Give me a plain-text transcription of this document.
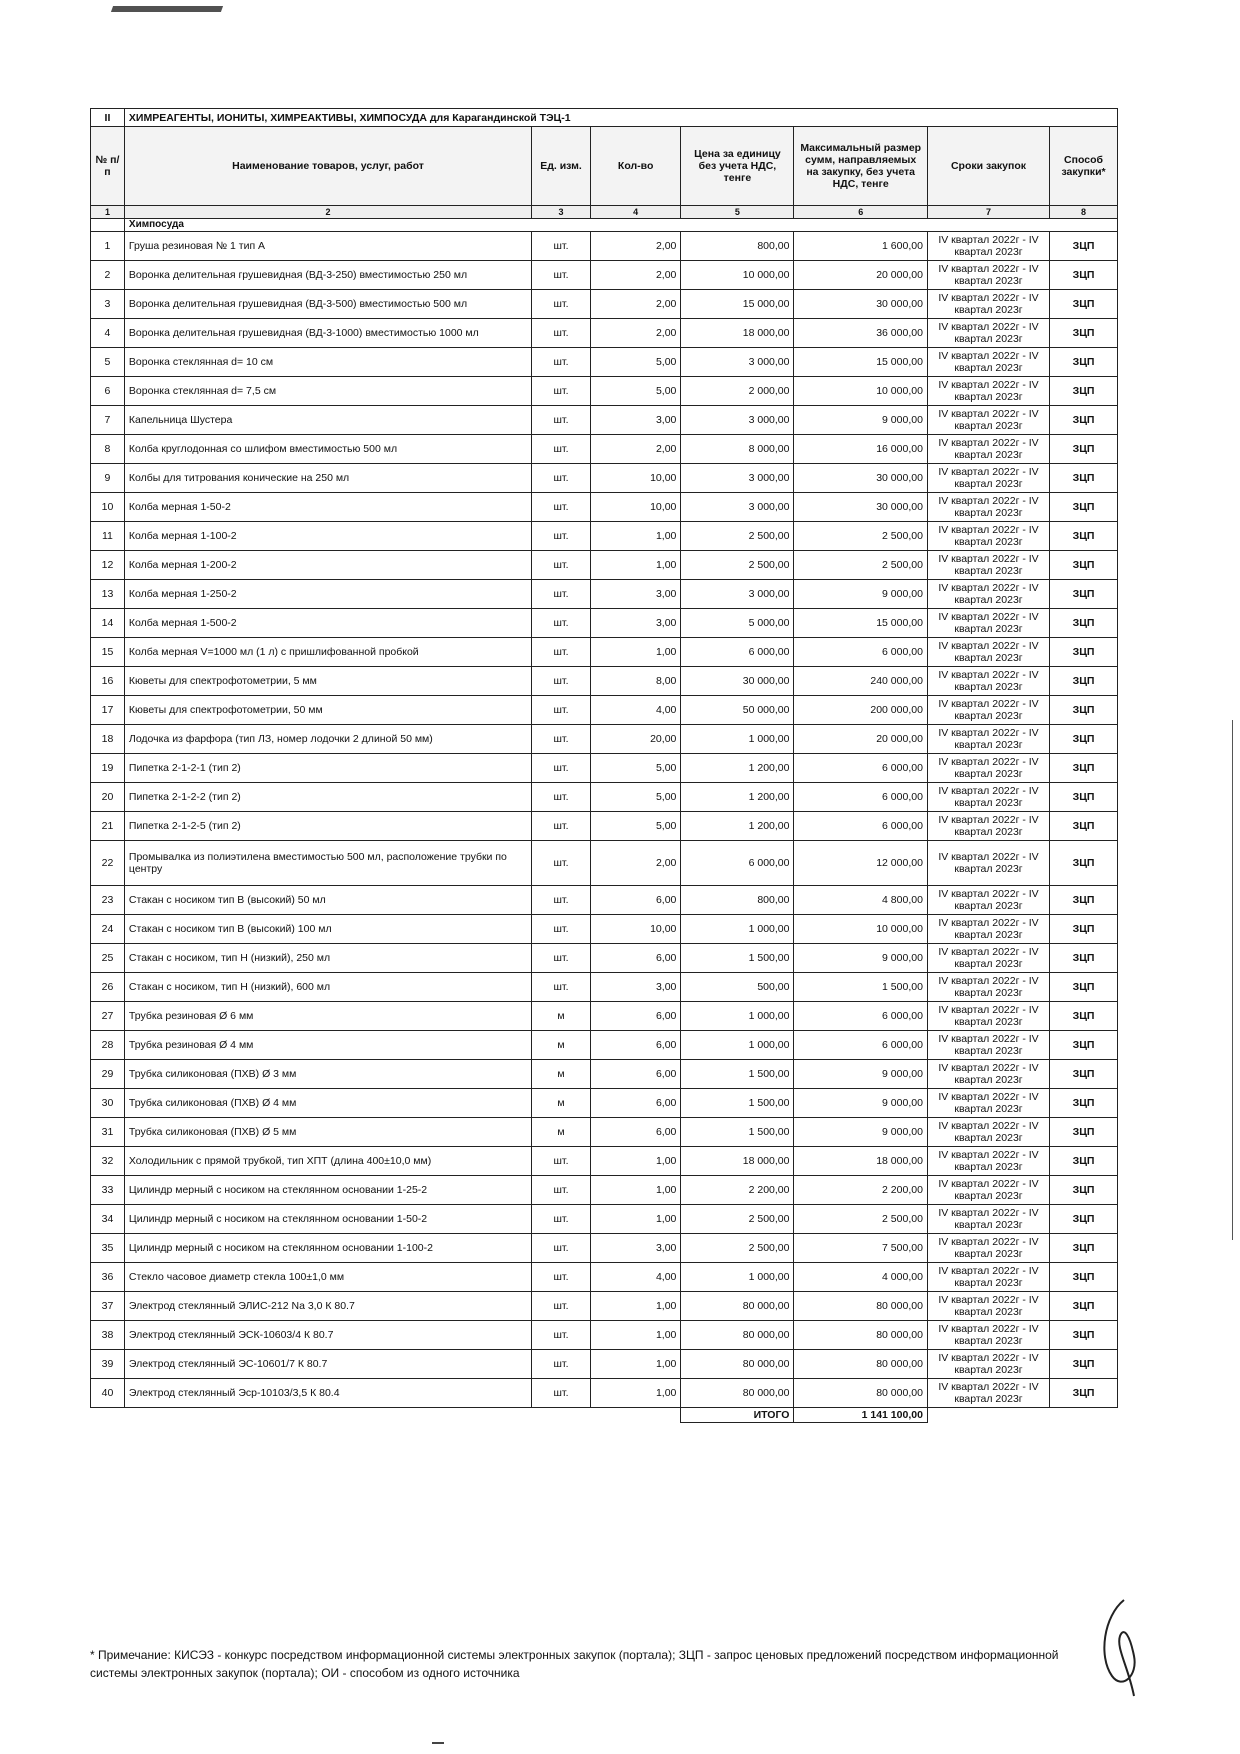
II	ХИМРЕАГЕНТЫ, ИОНИТЫ, ХИМРЕАКТИВЫ, ХИМПОСУДА для Карагандинской ТЭЦ-1						
№ п/п	Наименование товаров, услуг, работ	Ед. изм.	Кол-во	Цена за единицу без учета НДС, тенге	Максимальный размер сумм, направляемых на закупку, без учета НДС, тенге	Сроки закупок	Способ закупки*
1	2	3	4	5	6	7	8
	Химпосуда						
1	Груша резиновая № 1 тип А	шт.	2,00	800,00	1 600,00	IV квартал 2022г - IV квартал 2023г	ЗЦП
2	Воронка делительная грушевидная (ВД-3-250) вместимостью 250 мл	шт.	2,00	10 000,00	20 000,00	IV квартал 2022г - IV квартал 2023г	ЗЦП
3	Воронка делительная грушевидная (ВД-3-500) вместимостью 500 мл	шт.	2,00	15 000,00	30 000,00	IV квартал 2022г - IV квартал 2023г	ЗЦП
4	Воронка делительная грушевидная (ВД-3-1000) вместимостью 1000 мл	шт.	2,00	18 000,00	36 000,00	IV квартал 2022г - IV квартал 2023г	ЗЦП
5	Воронка стеклянная d= 10 см	шт.	5,00	3 000,00	15 000,00	IV квартал 2022г - IV квартал 2023г	ЗЦП
6	Воронка стеклянная d= 7,5 см	шт.	5,00	2 000,00	10 000,00	IV квартал 2022г - IV квартал 2023г	ЗЦП
7	Капельница Шустера	шт.	3,00	3 000,00	9 000,00	IV квартал 2022г - IV квартал 2023г	ЗЦП
8	Колба круглодонная со шлифом вместимостью 500 мл	шт.	2,00	8 000,00	16 000,00	IV квартал 2022г - IV квартал 2023г	ЗЦП
9	Колбы для титрования конические на 250 мл	шт.	10,00	3 000,00	30 000,00	IV квартал 2022г - IV квартал 2023г	ЗЦП
10	Колба мерная 1-50-2	шт.	10,00	3 000,00	30 000,00	IV квартал 2022г - IV квартал 2023г	ЗЦП
11	Колба мерная 1-100-2	шт.	1,00	2 500,00	2 500,00	IV квартал 2022г - IV квартал 2023г	ЗЦП
12	Колба мерная 1-200-2	шт.	1,00	2 500,00	2 500,00	IV квартал 2022г - IV квартал 2023г	ЗЦП
13	Колба мерная 1-250-2	шт.	3,00	3 000,00	9 000,00	IV квартал 2022г - IV квартал 2023г	ЗЦП
14	Колба мерная 1-500-2	шт.	3,00	5 000,00	15 000,00	IV квартал 2022г - IV квартал 2023г	ЗЦП
15	Колба мерная V=1000 мл (1 л) с пришлифованной пробкой	шт.	1,00	6 000,00	6 000,00	IV квартал 2022г - IV квартал 2023г	ЗЦП
16	Кюветы для спектрофотометрии, 5 мм	шт.	8,00	30 000,00	240 000,00	IV квартал 2022г - IV квартал 2023г	ЗЦП
17	Кюветы для спектрофотометрии, 50 мм	шт.	4,00	50 000,00	200 000,00	IV квартал 2022г - IV квартал 2023г	ЗЦП
18	Лодочка из фарфора (тип ЛЗ, номер лодочки 2 длиной 50 мм)	шт.	20,00	1 000,00	20 000,00	IV квартал 2022г - IV квартал 2023г	ЗЦП
19	Пипетка 2-1-2-1 (тип 2)	шт.	5,00	1 200,00	6 000,00	IV квартал 2022г - IV квартал 2023г	ЗЦП
20	Пипетка 2-1-2-2 (тип 2)	шт.	5,00	1 200,00	6 000,00	IV квартал 2022г - IV квартал 2023г	ЗЦП
21	Пипетка 2-1-2-5 (тип 2)	шт.	5,00	1 200,00	6 000,00	IV квартал 2022г - IV квартал 2023г	ЗЦП
22	Промывалка из полиэтилена вместимостью 500 мл, расположение трубки по центру	шт.	2,00	6 000,00	12 000,00	IV квартал 2022г - IV квартал 2023г	ЗЦП
23	Стакан с носиком тип В (высокий) 50 мл	шт.	6,00	800,00	4 800,00	IV квартал 2022г - IV квартал 2023г	ЗЦП
24	Стакан с носиком тип В (высокий) 100 мл	шт.	10,00	1 000,00	10 000,00	IV квартал 2022г - IV квартал 2023г	ЗЦП
25	Стакан с носиком, тип Н (низкий), 250 мл	шт.	6,00	1 500,00	9 000,00	IV квартал 2022г - IV квартал 2023г	ЗЦП
26	Стакан с носиком, тип Н (низкий), 600 мл	шт.	3,00	500,00	1 500,00	IV квартал 2022г - IV квартал 2023г	ЗЦП
27	Трубка резиновая Ø 6 мм	м	6,00	1 000,00	6 000,00	IV квартал 2022г - IV квартал 2023г	ЗЦП
28	Трубка резиновая Ø 4 мм	м	6,00	1 000,00	6 000,00	IV квартал 2022г - IV квартал 2023г	ЗЦП
29	Трубка силиконовая (ПХВ) Ø 3 мм	м	6,00	1 500,00	9 000,00	IV квартал 2022г - IV квартал 2023г	ЗЦП
30	Трубка силиконовая (ПХВ) Ø 4 мм	м	6,00	1 500,00	9 000,00	IV квартал 2022г - IV квартал 2023г	ЗЦП
31	Трубка силиконовая (ПХВ) Ø 5 мм	м	6,00	1 500,00	9 000,00	IV квартал 2022г - IV квартал 2023г	ЗЦП
32	Холодильник с прямой трубкой, тип ХПТ (длина 400±10,0 мм)	шт.	1,00	18 000,00	18 000,00	IV квартал 2022г - IV квартал 2023г	ЗЦП
33	Цилиндр мерный с носиком на стеклянном основании 1-25-2	шт.	1,00	2 200,00	2 200,00	IV квартал 2022г - IV квартал 2023г	ЗЦП
34	Цилиндр мерный с носиком на стеклянном основании 1-50-2	шт.	1,00	2 500,00	2 500,00	IV квартал 2022г - IV квартал 2023г	ЗЦП
35	Цилиндр мерный с носиком на стеклянном основании 1-100-2	шт.	3,00	2 500,00	7 500,00	IV квартал 2022г - IV квартал 2023г	ЗЦП
36	Стекло часовое диаметр стекла 100±1,0 мм	шт.	4,00	1 000,00	4 000,00	IV квартал 2022г - IV квартал 2023г	ЗЦП
37	Электрод стеклянный ЭЛИС-212 Na 3,0 К 80.7	шт.	1,00	80 000,00	80 000,00	IV квартал 2022г - IV квартал 2023г	ЗЦП
38	Электрод стеклянный ЭСК-10603/4 К 80.7	шт.	1,00	80 000,00	80 000,00	IV квартал 2022г - IV квартал 2023г	ЗЦП
39	Электрод стеклянный ЭС-10601/7 К 80.7	шт.	1,00	80 000,00	80 000,00	IV квартал 2022г - IV квартал 2023г	ЗЦП
40	Электрод стеклянный Эср-10103/3,5 К 80.4	шт.	1,00	80 000,00	80 000,00	IV квартал 2022г - IV квартал 2023г	ЗЦП
				ИТОГО	1 141 100,00		
* Примечание: КИСЭЗ - конкурс посредством информационной системы электронных закупок (портала); ЗЦП - запрос ценовых предложений посредством информационной системы электронных закупок (портала); ОИ - способом из одного источника
